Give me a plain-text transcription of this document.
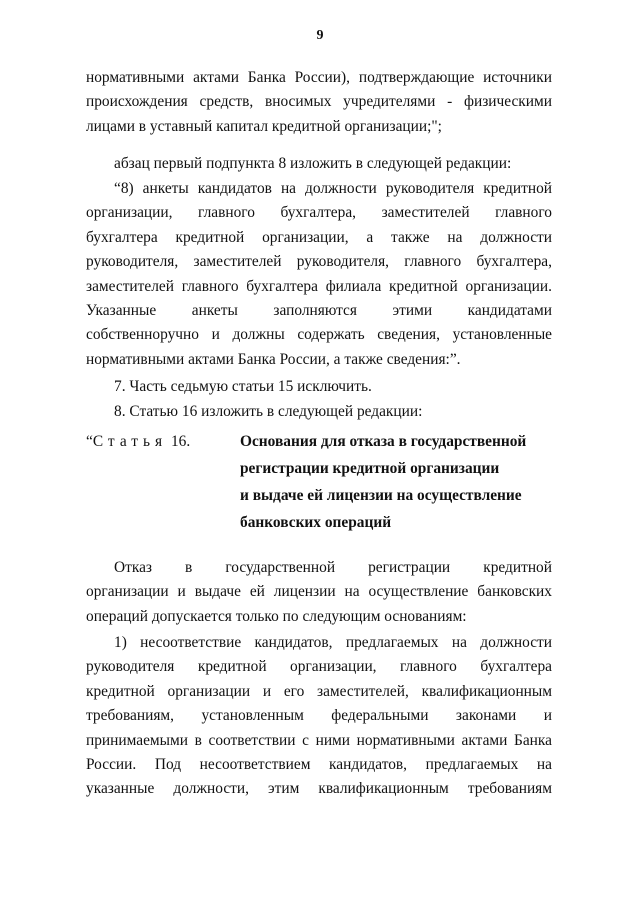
9

нормативными актами Банка России), подтверждающие источники

происхождения средств, вносимых учредителями - физическими

лицами в уставный капитал кредитной организации;";

абзац первый подпункта 8 изложить в следующей редакции:

“8) анкеты кандидатов на должности руководителя кредитной

организации, главного бухгалтера, заместителей главного

бухгалтера кредитной организации, а также на должности

руководителя, заместителей руководителя, главного бухгалтера,

заместителей главного бухгалтера филиала кредитной организации.

Указанные анкеты заполняются этими кандидатами

собственноручно и должны содержать сведения, установленные

нормативными актами Банка России, а также сведения:”.

7. Часть седьмую статьи 15 исключить.

8. Статью 16 изложить в следующей редакции:

“Статья 16.	Основания для отказа в государственной
регистрации кредитной организации
и выдаче ей лицензии на осуществление
банковских операций

Отказ в государственной регистрации кредитной

организации и выдаче ей лицензии на осуществление банковских

операций допускается только по следующим основаниям:

1) несоответствие кандидатов, предлагаемых на должности

руководителя кредитной организации, главного бухгалтера

кредитной организации и его заместителей, квалификационным

требованиям, установленным федеральными законами и

принимаемыми в соответствии с ними нормативными актами Банка

России. Под несоответствием кандидатов, предлагаемых на

указанные должности, этим квалификационным требованиям
